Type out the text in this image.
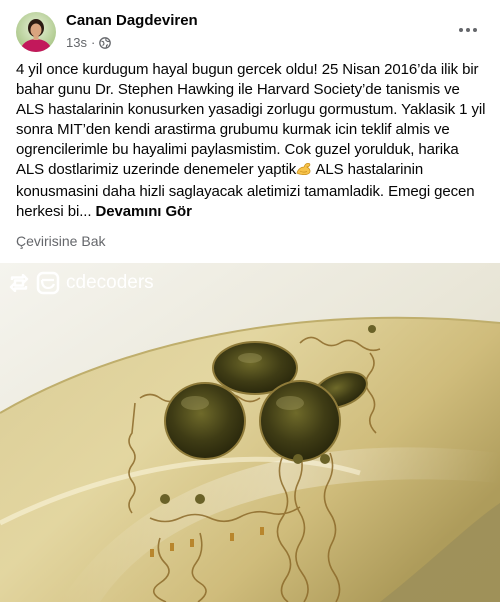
Canan Dagdeviren
13s ·
4 yil once kurdugum hayal bugun gercek oldu! 25 Nisan 2016’da ilik bir bahar gunu Dr. Stephen Hawking ile Harvard Society’de tanismis ve ALS hastalarinin konusurken yasadigi zorlugu gormustum. Yaklasik 1 yil sonra MIT’den kendi arastirma grubumu kurmak icin teklif almis ve ogrencilerimle bu hayalimi paylasmistim. Cok guzel yorulduk, harika ALS dostlarimiz uzerinde denemeler yaptik ALS hastalarinin konusmasini daha hizli saglayacak aletimizi tamamladik. Emegi gecen herkesi bi... Devamını Gör
Çevirisine Bak
cdecoders
